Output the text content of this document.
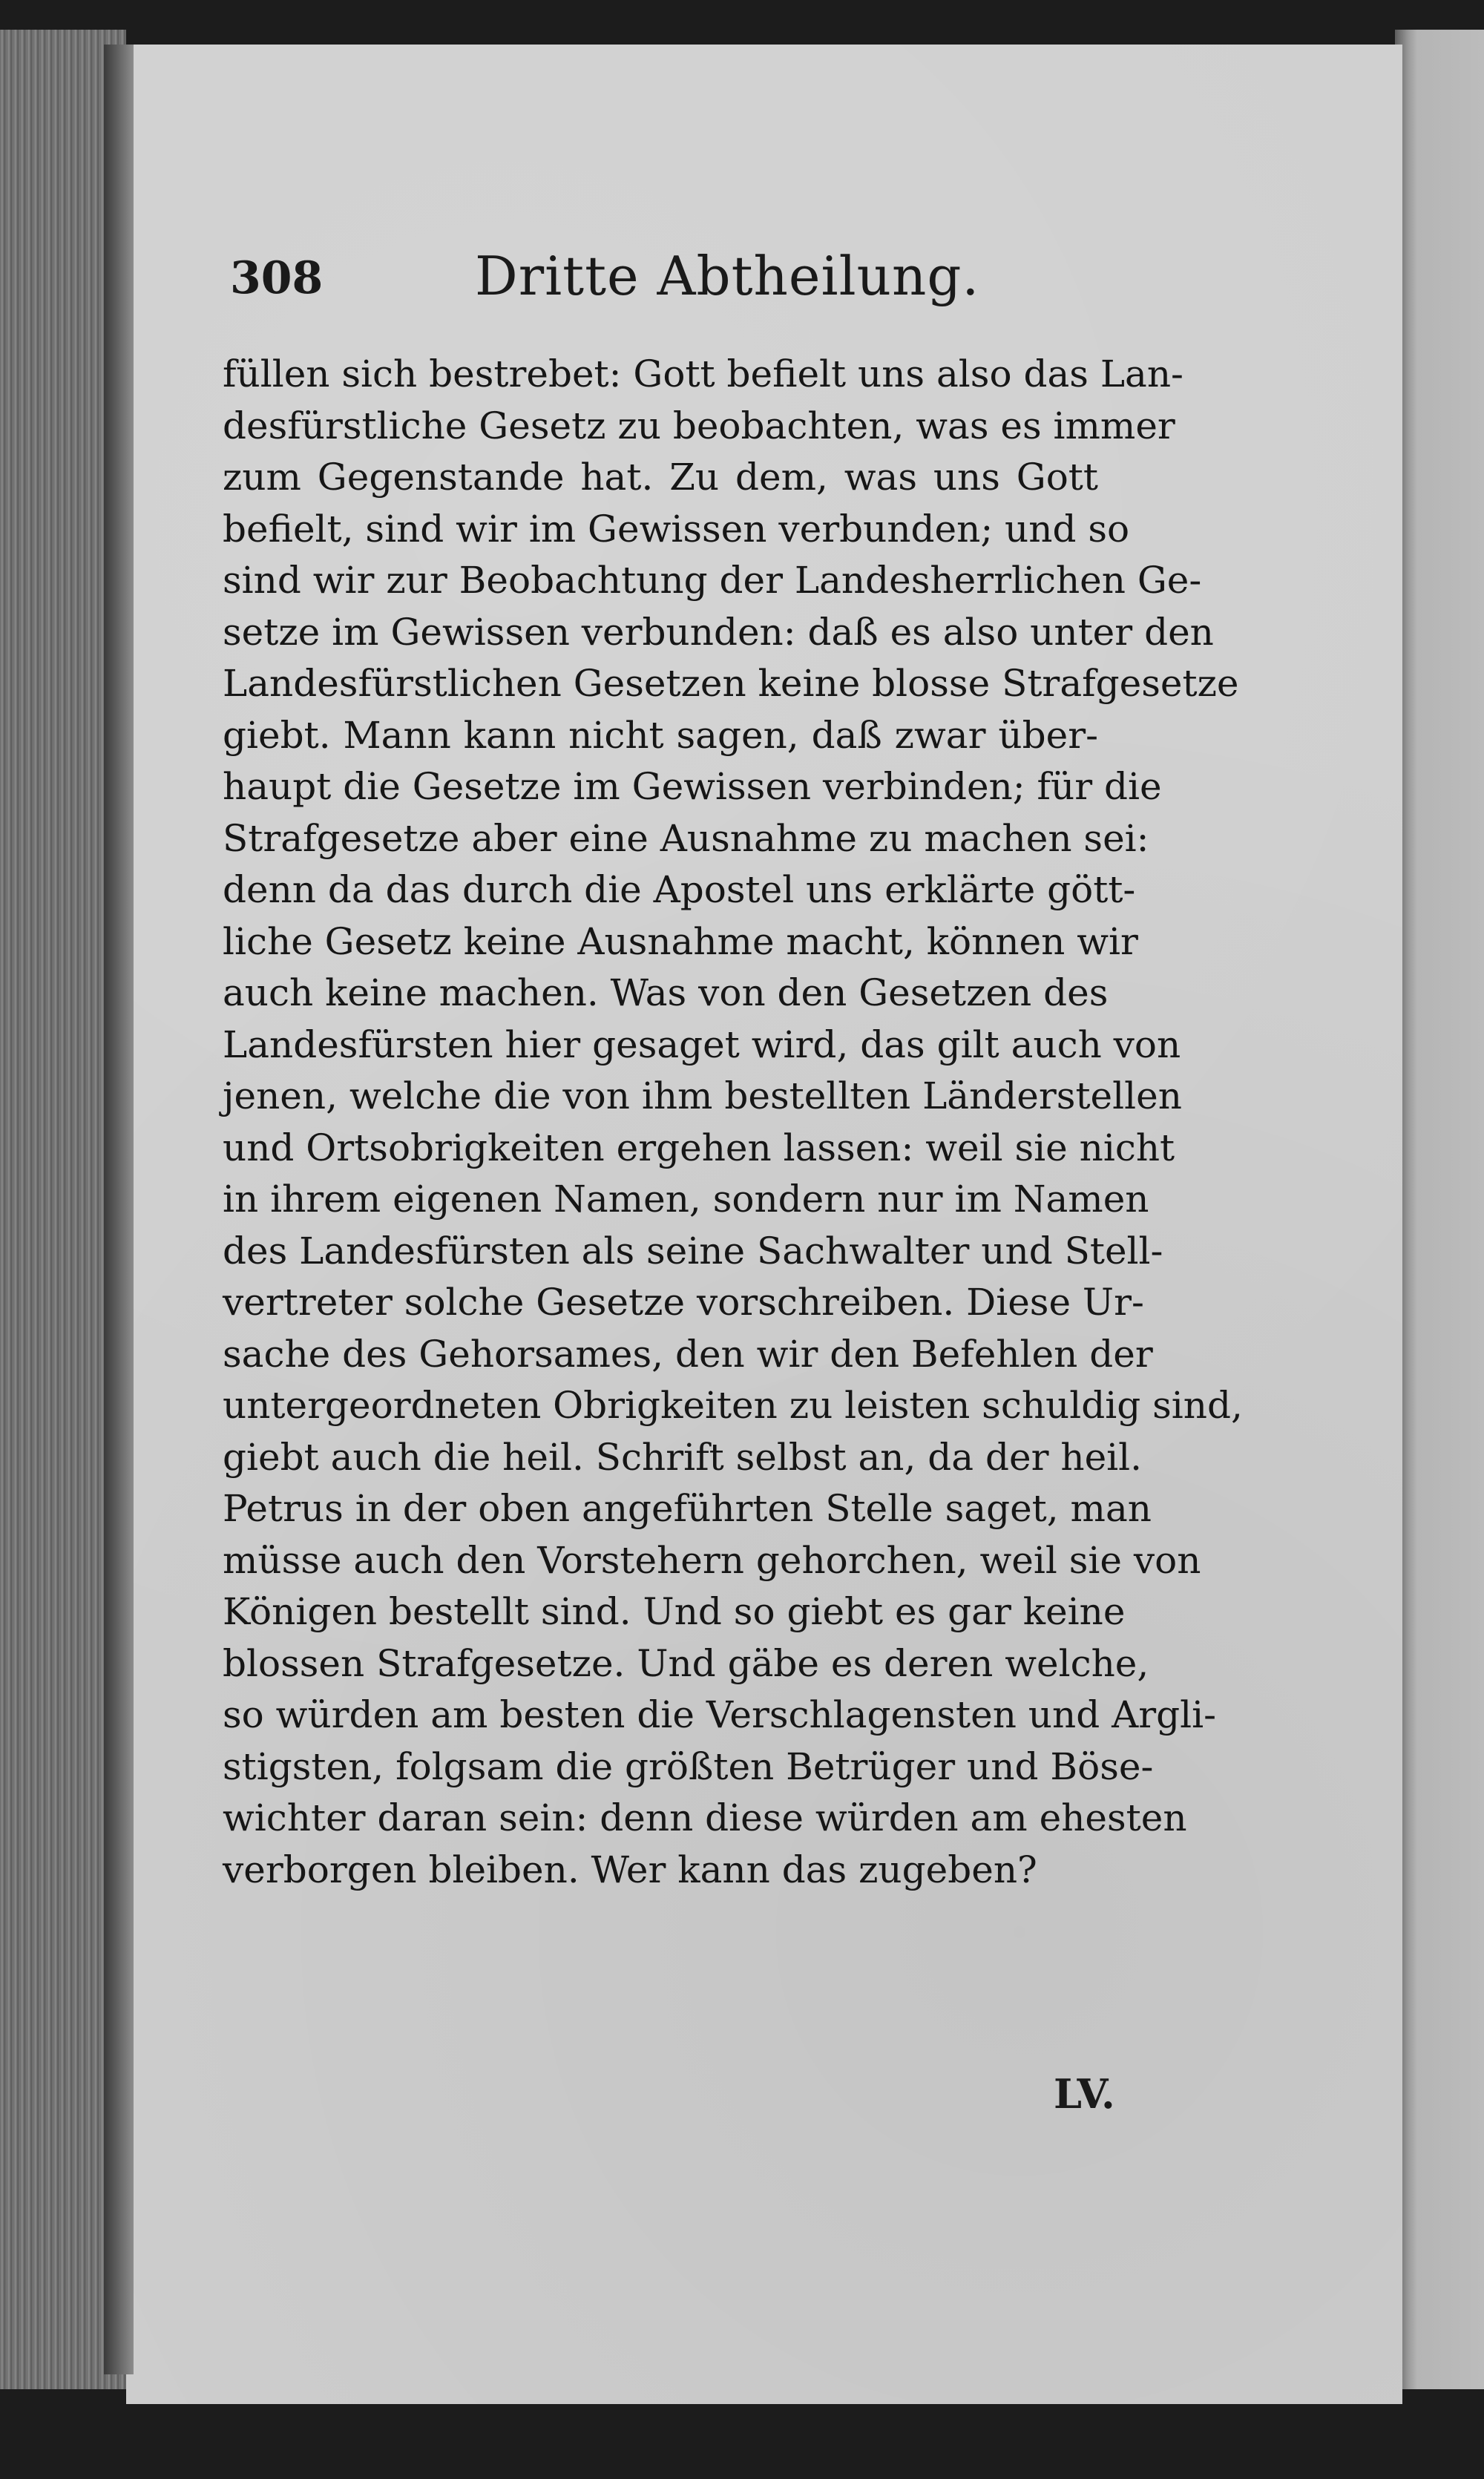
308	Dritte Abtheilung.
füllen sich bestrebet: Gott befielt uns also das Lan-
desfürstliche Gesetz zu beobachten, was es immer
zum Gegenstande hat. Zu dem, was uns Gott
befielt, sind wir im Gewissen verbunden; und so
sind wir zur Beobachtung der Landesherrlichen Ge-
setze im Gewissen verbunden: daß es also unter den
Landesfürstlichen Gesetzen keine blosse Strafgesetze
giebt. Mann kann nicht sagen, daß zwar über-
haupt die Gesetze im Gewissen verbinden; für die
Strafgesetze aber eine Ausnahme zu machen sei:
denn da das durch die Apostel uns erklärte gött-
liche Gesetz keine Ausnahme macht, können wir
auch keine machen. Was von den Gesetzen des
Landesfürsten hier gesaget wird, das gilt auch von
jenen, welche die von ihm bestellten Länderstellen
und Ortsobrigkeiten ergehen lassen: weil sie nicht
in ihrem eigenen Namen, sondern nur im Namen
des Landesfürsten als seine Sachwalter und Stell-
vertreter solche Gesetze vorschreiben. Diese Ur-
sache des Gehorsames, den wir den Befehlen der
untergeordneten Obrigkeiten zu leisten schuldig sind,
giebt auch die heil. Schrift selbst an, da der heil.
Petrus in der oben angeführten Stelle saget, man
müsse auch den Vorstehern gehorchen, weil sie von
Königen bestellt sind. Und so giebt es gar keine
blossen Strafgesetze. Und gäbe es deren welche,
so würden am besten die Verschlagensten und Argli-
stigsten, folgsam die größten Betrüger und Böse-
wichter daran sein: denn diese würden am ehesten
verborgen bleiben. Wer kann das zugeben?
LV.
